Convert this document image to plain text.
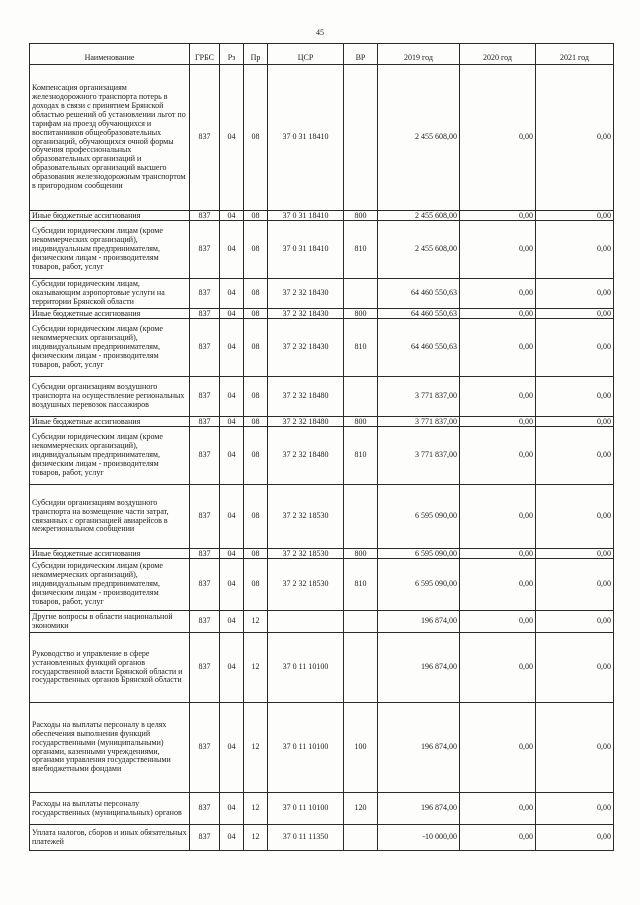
45
Наименование	ГРБС	Рз	Пр	ЦСР	ВР	2019 год	2020 год	2021 год
Компенсация организациям железнодорожного транспорта потерь в доходах в связи с принятием Брянской областью решений об установлении льгот по тарифам на проезд обучающихся и воспитанников общеобразовательных организаций, обучающихся очной формы обучения профессиональных образовательных организаций и образовательных организаций высшего образования железнодорожным транспортом в пригородном сообщении	837	04	08	37 0 31 18410		2 455 608,00	0,00	0,00
Иные бюджетные ассигнования	837	04	08	37 0 31 18410	800	2 455 608,00	0,00	0,00
Субсидии юридическим лицам (кроме некоммерческих организаций), индивидуальным предпринимателям, физическим лицам - производителям товаров, работ, услуг	837	04	08	37 0 31 18410	810	2 455 608,00	0,00	0,00
Субсидии юридическим лицам, оказывающим аэропортовые услуги на территории Брянской области	837	04	08	37 2 32 18430		64 460 550,63	0,00	0,00
Иные бюджетные ассигнования	837	04	08	37 2 32 18430	800	64 460 550,63	0,00	0,00
Субсидии юридическим лицам (кроме некоммерческих организаций), индивидуальным предпринимателям, физическим лицам - производителям товаров, работ, услуг	837	04	08	37 2 32 18430	810	64 460 550,63	0,00	0,00
Субсидии организациям воздушного транспорта на осуществление региональных воздушных перевозок пассажиров	837	04	08	37 2 32 18480		3 771 837,00	0,00	0,00
Иные бюджетные ассигнования	837	04	08	37 2 32 18480	800	3 771 837,00	0,00	0,00
Субсидии юридическим лицам (кроме некоммерческих организаций), индивидуальным предпринимателям, физическим лицам - производителям товаров, работ, услуг	837	04	08	37 2 32 18480	810	3 771 837,00	0,00	0,00
Субсидии организациям воздушного транспорта на возмещение части затрат, связанных с организацией авиарейсов в межрегиональном сообщении	837	04	08	37 2 32 18530		6 595 090,00	0,00	0,00
Иные бюджетные ассигнования	837	04	08	37 2 32 18530	800	6 595 090,00	0,00	0,00
Субсидии юридическим лицам (кроме некоммерческих организаций), индивидуальным предпринимателям, физическим лицам - производителям товаров, работ, услуг	837	04	08	37 2 32 18530	810	6 595 090,00	0,00	0,00
Другие вопросы в области национальной экономики	837	04	12			196 874,00	0,00	0,00
Руководство и управление в сфере установленных функций органов государственной власти Брянской области и государственных органов Брянской области	837	04	12	37 0 11 10100		196 874,00	0,00	0,00
Расходы на выплаты персоналу в целях обеспечения выполнения функций государственными (муниципальными) органами, казенными учреждениями, органами управления государственными внебюджетными фондами	837	04	12	37 0 11 10100	100	196 874,00	0,00	0,00
Расходы на выплаты персоналу государственных (муниципальных) органов	837	04	12	37 0 11 10100	120	196 874,00	0,00	0,00
Уплата налогов, сборов и иных обязательных платежей	837	04	12	37 0 11 11350		-10 000,00	0,00	0,00
